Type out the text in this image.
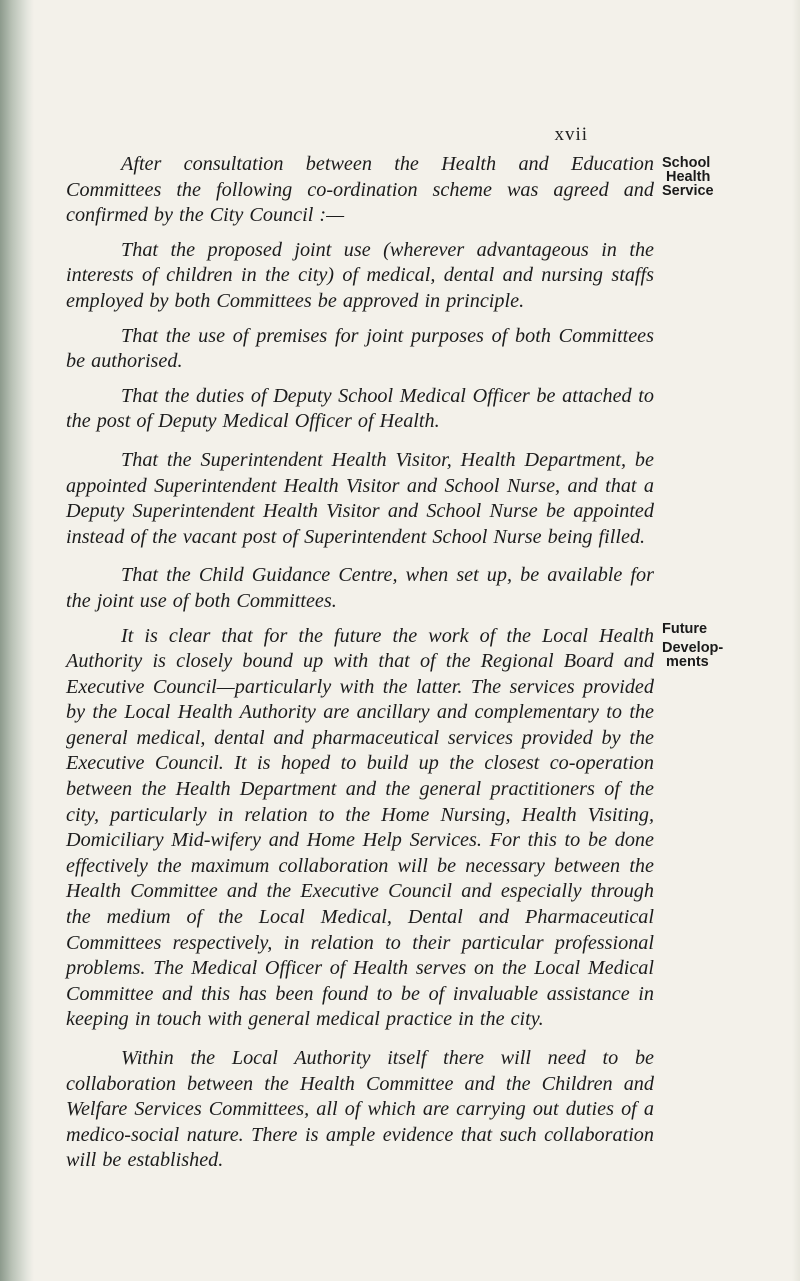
xvii

After consultation between the Health and Education Committees the following co-ordination scheme was agreed and confirmed by the City Council :—

That the proposed joint use (wherever advantageous in the interests of children in the city) of medical, dental and nursing staffs employed by both Committees be approved in principle.

That the use of premises for joint purposes of both Committees be authorised.

That the duties of Deputy School Medical Officer be attached to the post of Deputy Medical Officer of Health.

That the Superintendent Health Visitor, Health Department, be appointed Superintendent Health Visitor and School Nurse, and that a Deputy Superintendent Health Visitor and School Nurse be appointed instead of the vacant post of Superintendent School Nurse being filled.

That the Child Guidance Centre, when set up, be available for the joint use of both Committees.

It is clear that for the future the work of the Local Health Authority is closely bound up with that of the Regional Board and Executive Council—particularly with the latter. The services provided by the Local Health Authority are ancillary and complementary to the general medical, dental and pharmaceutical services provided by the Executive Council. It is hoped to build up the closest co-operation between the Health Department and the general practitioners of the city, particularly in relation to the Home Nursing, Health Visiting, Domiciliary Mid-wifery and Home Help Services. For this to be done effectively the maximum collaboration will be necessary between the Health Committee and the Executive Council and especially through the medium of the Local Medical, Dental and Pharmaceutical Committees respectively, in relation to their particular professional problems. The Medical Officer of Health serves on the Local Medical Committee and this has been found to be of invaluable assistance in keeping in touch with general medical practice in the city.

Within the Local Authority itself there will need to be collaboration between the Health Committee and the Children and Welfare Services Committees, all of which are carrying out duties of a medico-social nature. There is ample evidence that such collaboration will be established.

School
Health
Service
Future
Develop-
ments
